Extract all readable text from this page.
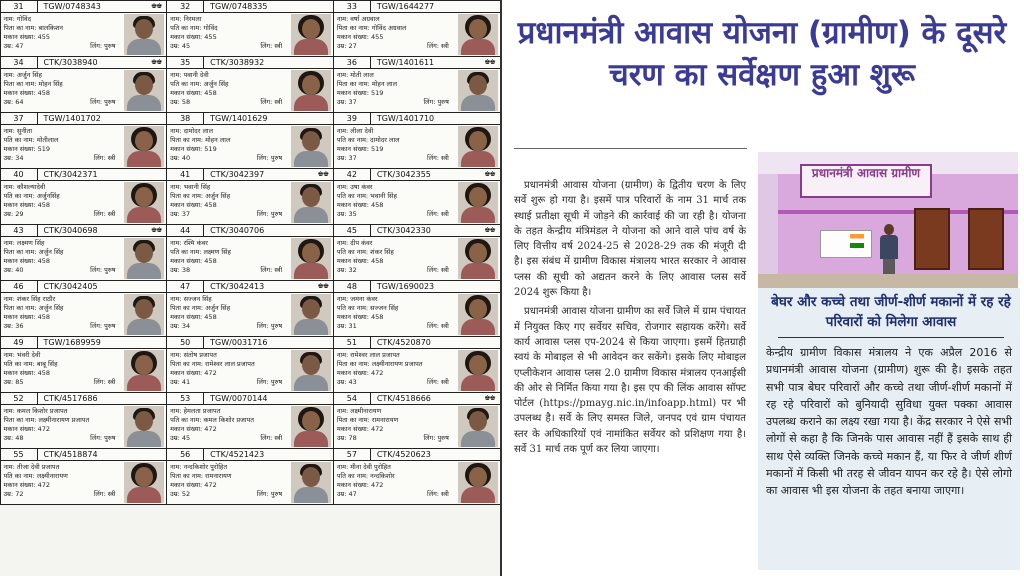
31	TGW/0748343	♚♚
नाम: गोविंद
पिता का नाम: बालकिशन
मकान संख्या: 455
उम्र: 47	लिंग: पुरुष
32	TGW/0748335
नाम: निरमला
पति का नाम: गोविंद
मकान संख्या: 455
उम्र: 45	लिंग: स्त्री
33	TGW/1644277
नाम: वर्षा अग्रवाल
पिता का नाम: गोविंद अग्रवाल
मकान संख्या: 455
उम्र: 27	लिंग: स्त्री
34	CTK/3038940	♚♚
नाम: अर्जुन सिंह
पिता का नाम: मोहन सिंह
मकान संख्या: 458
उम्र: 64	लिंग: पुरुष
35	CTK/3038932
नाम: पवानी देवी
पति का नाम: अर्जुन सिंह
मकान संख्या: 458
उम्र: 58	लिंग: स्त्री
36	TGW/1401611	♚♚
नाम: मोती लाल
पिता का नाम: मोहन लाल
मकान संख्या: 519
उम्र: 37	लिंग: पुरुष
37	TGW/1401702
नाम: सुनीता
पति का नाम: मोतीलाल
मकान संख्या: 519
उम्र: 34	लिंग: स्त्री
38	TGW/1401629
नाम: दामोदर लाल
पिता का नाम: मोहन लाल
मकान संख्या: 519
उम्र: 40	लिंग: पुरुष
39	TGW/1401710
नाम: लीला देवी
पति का नाम: दामोदर लाल
मकान संख्या: 519
उम्र: 37	लिंग: स्त्री
40	CTK/3042371
नाम: कौशल्यादेवी
पति का नाम: अर्जुनसिंह
मकान संख्या: 458
उम्र: 29	लिंग: स्त्री
41	CTK/3042397	♚♚
नाम: भवानी सिंह
पिता का नाम: अर्जुन सिंह
मकान संख्या: 458
उम्र: 37	लिंग: पुरुष
42	CTK/3042355	♚♚
नाम: उषा कंवर
पति का नाम: भवानी सिंह
मकान संख्या: 458
उम्र: 35	लिंग: स्त्री
43	CTK/3040698	♚♚
नाम: लक्ष्मण सिंह
पिता का नाम: अर्जुन सिंह
मकान संख्या: 458
उम्र: 40	लिंग: पुरुष
44	CTK/3040706
नाम: रश्मि कंवर
पति का नाम: लक्ष्मण सिंह
मकान संख्या: 458
उम्र: 38	लिंग: स्त्री
45	CTK/3042330	♚♚
नाम: दीप कंवर
पति का नाम: शंकर सिंह
मकान संख्या: 458
उम्र: 32	लिंग: स्त्री
46	CTK/3042405
नाम: शंकर सिंह राठौर
पिता का नाम: अर्जुन सिंह
मकान संख्या: 458
उम्र: 36	लिंग: पुरुष
47	CTK/3042413	♚♚
नाम: सज्जन सिंह
पिता का नाम: अर्जुन सिंह
मकान संख्या: 458
उम्र: 34	लिंग: पुरुष
48	TGW/1690023
नाम: जमना कंवर
पति का नाम: सज्जन सिंह
मकान संख्या: 458
उम्र: 31	लिंग: स्त्री
49	TGW/1689959
नाम: भंवरी देवी
पति का नाम: बाबू सिंह
मकान संख्या: 458
उम्र: 85	लिंग: स्त्री
50	TGW/0031716
नाम: संतोष प्रजापत
पिता का नाम: रामेश्वर लाल प्रजापत
मकान संख्या: 472
उम्र: 41	लिंग: पुरुष
51	CTK/4520870
नाम: रामेश्वर लाल प्रजापत
पिता का नाम: लक्ष्मीनारायण प्रजापत
मकान संख्या: 472
उम्र: 43	लिंग: स्त्री
52	CTK/4517686
नाम: कमल किशोर प्रजापत
पिता का नाम: लक्ष्मीनारायण प्रजापत
मकान संख्या: 472
उम्र: 48	लिंग: पुरुष
53	TGW/0070144
नाम: हेमलता प्रजापत
पति का नाम: कमल किशोर प्रजापत
मकान संख्या: 472
उम्र: 45	लिंग: स्त्री
54	CTK/4518666	♚♚
नाम: लक्ष्मीनारायण
पिता का नाम: रामनारायण
मकान संख्या: 472
उम्र: 78	लिंग: पुरुष
55	CTK/4518874
नाम: तीजा देवी प्रजापत
पति का नाम: लक्ष्मीनारायण
मकान संख्या: 472
उम्र: 72	लिंग: स्त्री
56	CTK/4521423
नाम: नन्दकिशोर पुरोहित
पिता का नाम: रामनारायण
मकान संख्या: 472
उम्र: 52	लिंग: पुरुष
57	CTK/4520623
नाम: मीना देवी पुरोहित
पति का नाम: नन्दकिशोर
मकान संख्या: 472
उम्र: 47	लिंग: स्त्री
प्रधानमंत्री आवास योजना (ग्रामीण) के दूसरे चरण का सर्वेक्षण हुआ शुरू

प्रधानमंत्री आवास योजना (ग्रामीण) के द्वितीय चरण के लिए सर्वे शुरू हो गया है। इसमें पात्र परिवारों के नाम 31 मार्च तक स्थाई प्रतीक्षा सूची में जोड़ने की कार्रवाई की जा रही है। योजना के तहत केन्द्रीय मंत्रिमंडल ने योजना को आने वाले पांच वर्ष के लिए वित्तीय वर्ष 2024-25 से 2028-29 तक की मंजूरी दी है। इस संबंध में ग्रामीण विकास मंत्रालय भारत सरकार ने आवास प्लस की सूची को अद्यतन करने के लिए आवास प्लस सर्वे 2024 शुरू किया है।

प्रधानमंत्री आवास योजना ग्रामीण का सर्वे जिले में ग्राम पंचायत में नियुक्त किए गए सर्वेयर सचिव, रोजगार सहायक करेंगे। सर्वे कार्य आवास प्लस एप-2024 से किया जाएगा। इसमें हितग्राही स्वयं के मोबाइल से भी आवेदन कर सकेंगे। इसके लिए मोबाइल एप्लीकेशन आवास प्लस 2.0 ग्रामीण विकास मंत्रालय एनआईसी की ओर से निर्मित किया गया है। इस एप की लिंक आवास सॉफ्ट पोर्टल (https://pmayg.nic.in/infoapp.html) पर भी उपलब्ध है। सर्वे के लिए समस्त जिले, जनपद एवं ग्राम पंचायत स्तर के अधिकारियों एवं नामांकित सर्वेयर को प्रशिक्षण गया है। सर्वे 31 मार्च तक पूर्ण कर लिया जाएगा।

प्रधानमंत्री आवास ग्रामीण
बेघर और कच्चे तथा जीर्ण-शीर्ण मकानों में रह रहे परिवारों को मिलेगा आवास

केन्द्रीय ग्रामीण विकास मंत्रालय ने एक अप्रैल 2016 से प्रधानमंत्री आवास योजना (ग्रामीण) शुरू की है। इसके तहत सभी पात्र बेघर परिवारों और कच्चे तथा जीर्ण-शीर्ण मकानों में रह रहे परिवारों को बुनियादी सुविधा युक्त पक्का आवास उपलब्ध कराने का लक्ष्य रखा गया है। केंद्र सरकार ने ऐसे सभी लोगों से कहा है कि जिनके पास आवास नहीं हैं इसके साथ ही साथ ऐसे व्यक्ति जिनके कच्चे मकान हैं, या फिर वे जीर्ण शीर्ण मकानों में किसी भी तरह से जीवन यापन कर रहे है। ऐसे लोगो का आवास भी इस योजना के तहत बनाया जाएगा।
